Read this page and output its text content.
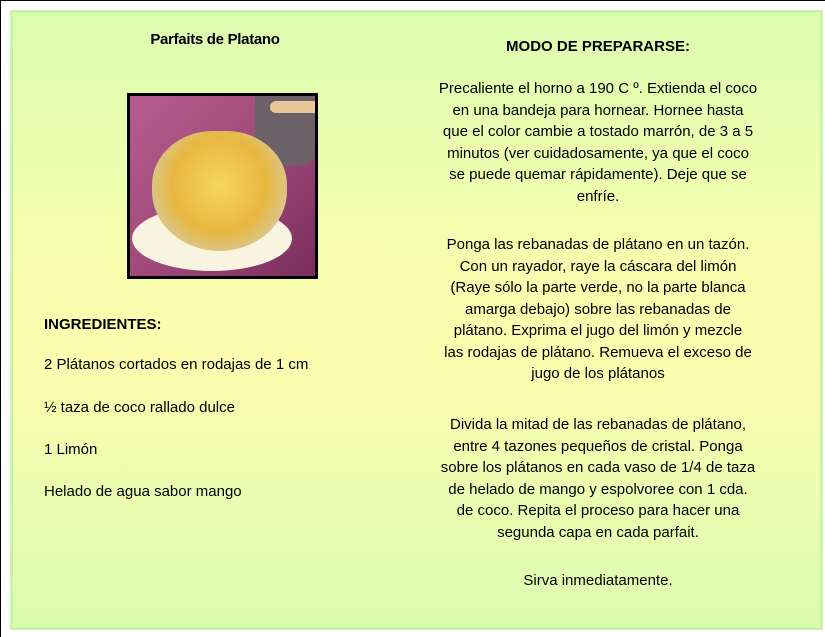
Parfaits de Platano
INGREDIENTES:
2 Plátanos cortados en rodajas de 1 cm
½ taza de coco rallado dulce
1 Limón
Helado de agua sabor mango
MODO DE PREPARARSE:
Precaliente el horno a 190 C º. Extienda el coco
en una bandeja para hornear. Hornee hasta
que el color cambie a tostado marrón, de 3 a 5
minutos (ver cuidadosamente, ya que el coco
se puede quemar rápidamente). Deje que se
enfríe.
Ponga las rebanadas de plátano en un tazón.
Con un rayador, raye la cáscara del limón
(Raye sólo la parte verde, no la parte blanca
amarga debajo) sobre las rebanadas de
plátano. Exprima el jugo del limón y mezcle
las rodajas de plátano. Remueva el exceso de
jugo de los plátanos
Divida la mitad de las rebanadas de plátano,
entre 4 tazones pequeños de cristal. Ponga
sobre los plátanos en cada vaso de 1/4 de taza
de helado de mango y espolvoree con 1 cda.
de coco. Repita el proceso para hacer una
segunda capa en cada parfait.
Sirva inmediatamente.
